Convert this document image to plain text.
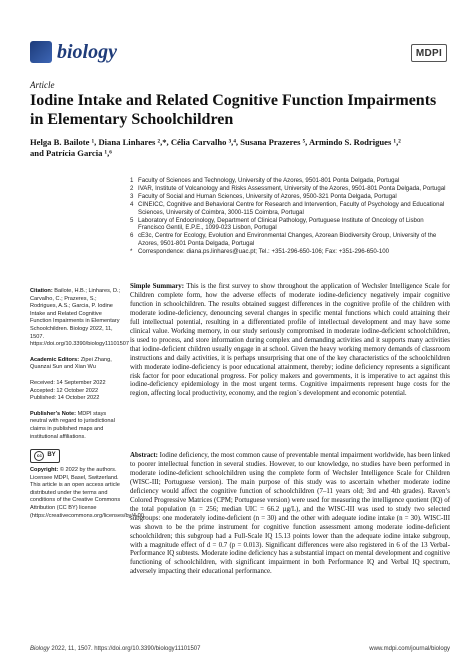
biology	MDPI
Article
Iodine Intake and Related Cognitive Function Impairments in Elementary Schoolchildren
Helga B. Bailote ¹, Diana Linhares ²,*, Célia Carvalho ³,⁴, Susana Prazeres ⁵, Armindo S. Rodrigues ¹,²
and Patrícia Garcia ¹,⁶
1 Faculty of Sciences and Technology, University of the Azores, 9501-801 Ponta Delgada, Portugal
2 IVAR, Institute of Volcanology and Risks Assessment, University of the Azores, 9501-801 Ponta Delgada, Portugal
3 Faculty of Social and Human Sciences, University of Azores, 9500-321 Ponta Delgada, Portugal
4 CINEICC, Cognitive and Behavioral Centre for Research and Intervention, Faculty of Psychology and Educational Sciences, University of Coimbra, 3000-115 Coimbra, Portugal
5 Laboratory of Endocrinology, Department of Clinical Pathology, Portuguese Institute of Oncology of Lisbon Francisco Gentil, E.P.E., 1099-023 Lisbon, Portugal
6 cE3c, Centre for Ecology, Evolution and Environmental Changes, Azorean Biodiversity Group, University of the Azores, 9501-801 Ponta Delgada, Portugal
* Correspondence: diana.ps.linhares@uac.pt; Tel.: +351-296-650-106; Fax: +351-296-650-100

Citation: Bailote, H.B.; Linhares, D.; Carvalho, C.; Prazeres, S.; Rodrigues, A.S.; Garcia, P. Iodine Intake and Related Cognitive Function Impairments in Elementary Schoolchildren. Biology 2022, 11, 1507. https://doi.org/10.3390/biology11101507

Academic Editors: Zipei Zhang, Quanzai Sun and Xian Wu

Received: 14 September 2022
Accepted: 12 October 2022
Published: 14 October 2022

Publisher’s Note: MDPI stays neutral with regard to jurisdictional claims in published maps and institutional affiliations.

cc BY

Copyright: © 2022 by the authors. Licensee MDPI, Basel, Switzerland. This article is an open access article distributed under the terms and conditions of the Creative Commons Attribution (CC BY) license (https://creativecommons.org/licenses/by/4.0/).

Simple Summary: This is the first survey to show throughout the application of Wechsler Intelligence Scale for Children complete form, how the adverse effects of moderate iodine-deficiency negatively impair cognitive function in schoolchildren. The results obtained suggest differences in the cognitive profile of the children with moderate iodine-deficiency, denouncing several changes in specific mental functions which could attaining their full intellectual potential, resulting in a differentiated profile of intellectual development and may have some clinical value. Working memory, in our study seriously compromised in moderate iodine-deficient schoolchildren, is used to process, and store information during complex and demanding activities and it supports many activities that iodine-deficient children usually engage in at school. Given the heavy working memory demands of classroom instructions and daily activities, it is perhaps unsurprising that one of the key characteristics of the schoolchildren with moderate iodine-deficiency is poor educational attainment, thereby; iodine deficiency represents a significant risk factor for poor educational progress. For policy makers and governments, it is imperative to act against this iodine-deficiency epidemiology in the most urgent terms. Cognitive impairments represent huge costs for the region, affecting local productivity, economy, and the region´s development and economic potential.
Abstract: Iodine deficiency, the most common cause of preventable mental impairment worldwide, has been linked to poorer intellectual function in several studies. However, to our knowledge, no studies have been performed in moderate iodine-deficient schoolchildren using the complete form of Wechsler Intelligence Scale for Children (WISC-III; Portuguese version). The main purpose of this study was to ascertain whether moderate iodine deficiency would affect the cognitive function of schoolchildren (7–11 years old; 3rd and 4th grades). Raven’s Colored Progressive Matrices (CPM; Portuguese version) were used for measuring the intelligence quotient (IQ) of the total population (n = 256; median UIC = 66.2 µg/L), and the WISC-III was used to study two selected subgroups: one moderately iodine-deficient (n = 30) and the other with adequate iodine intake (n = 30). WISC-III was shown to be the prime instrument for cognitive function assessment among moderate iodine-deficient schoolchildren; this subgroup had a Full-Scale IQ 15.13 points lower than the adequate iodine intake subgroup, with a magnitude effect of d = 0.7 (p = 0.013). Significant differences were also registered in 6 of the 13 Verbal-Performance IQ subtests. Moderate iodine deficiency has a substantial impact on mental development and cognitive functioning of schoolchildren, with significant impairment in both Performance IQ and Verbal IQ spectrum, adversely impacting their educational performance.
Biology 2022, 11, 1507. https://doi.org/10.3390/biology11101507	www.mdpi.com/journal/biology
